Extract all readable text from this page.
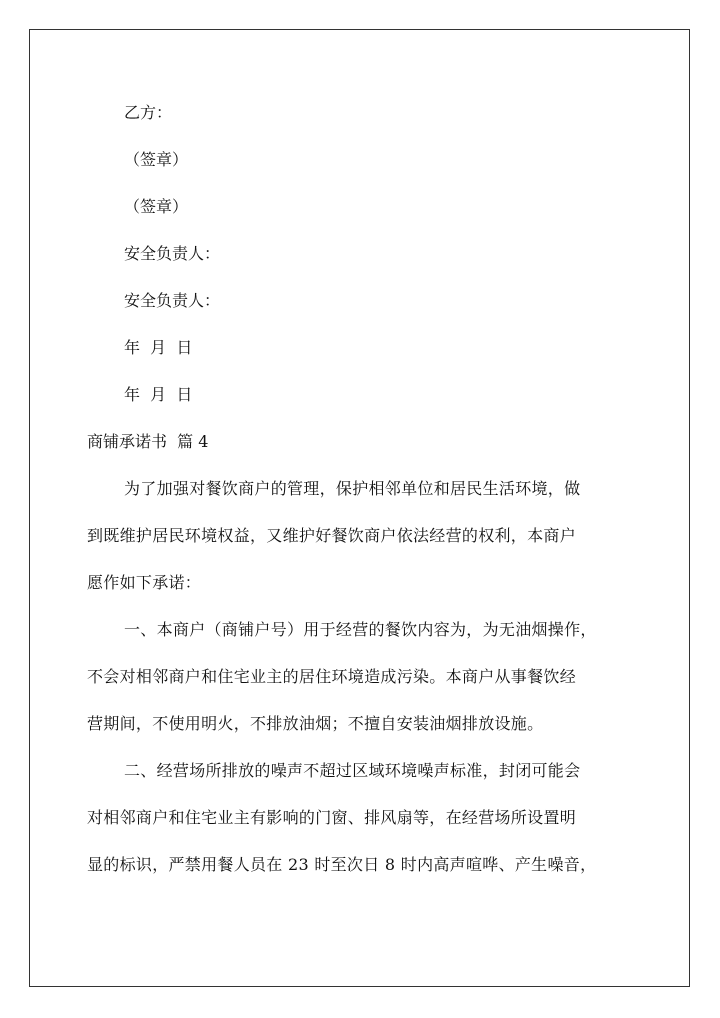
乙方：
（签章）
（签章）
安全负责人：
安全负责人：
年  月  日
年  月  日
商铺承诺书  篇 4
为了加强对餐饮商户的管理，保护相邻单位和居民生活环境，做
到既维护居民环境权益，又维护好餐饮商户依法经营的权利，本商户
愿作如下承诺：
一、本商户（商铺户号）用于经营的餐饮内容为，为无油烟操作，
不会对相邻商户和住宅业主的居住环境造成污染。本商户从事餐饮经
营期间，不使用明火，不排放油烟；不擅自安装油烟排放设施。
二、经营场所排放的噪声不超过区域环境噪声标准，封闭可能会
对相邻商户和住宅业主有影响的门窗、排风扇等，在经营场所设置明
显的标识，严禁用餐人员在 23 时至次日 8 时内高声喧哗、产生噪音，
